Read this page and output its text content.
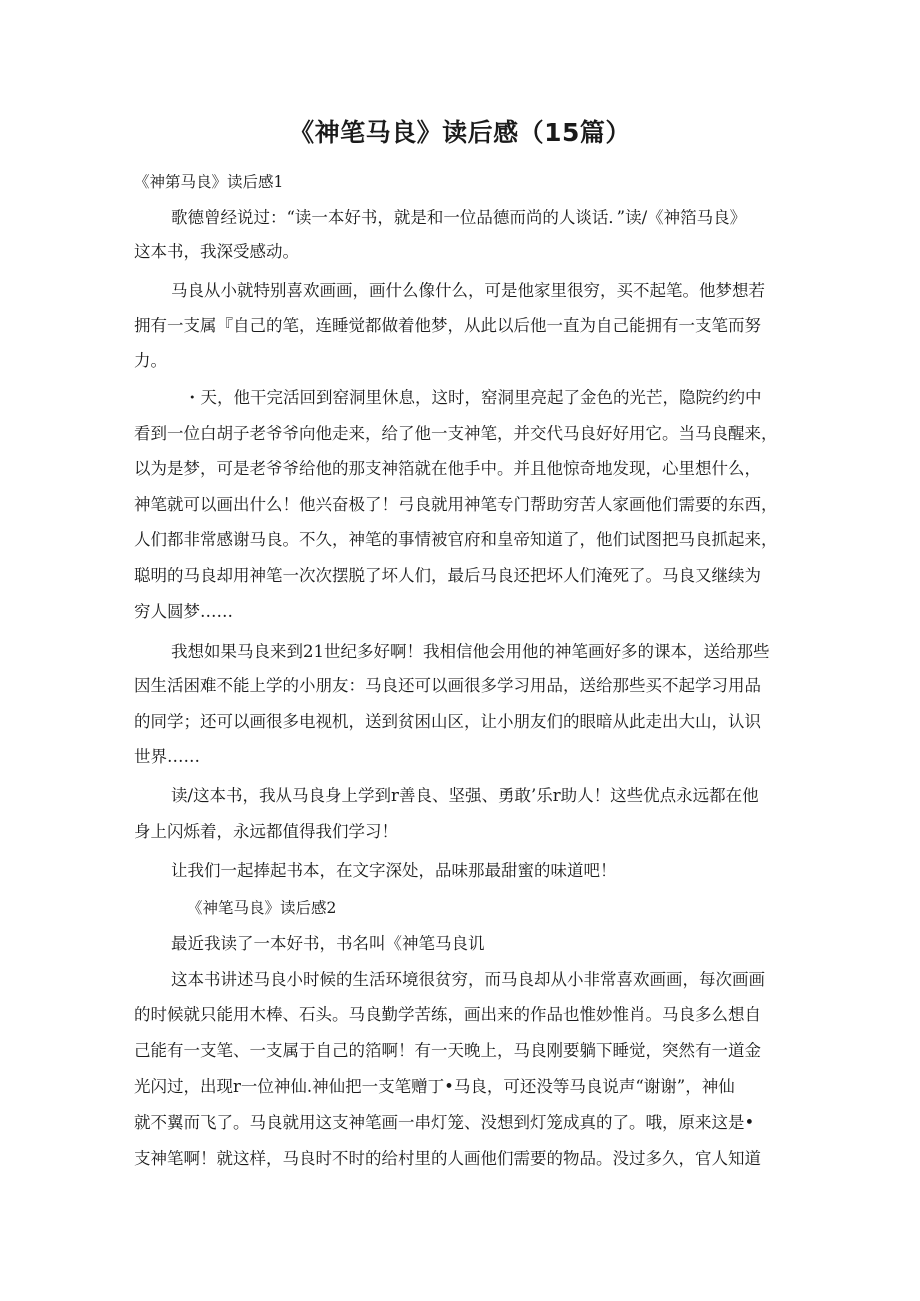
《神笔马良》读后感（15篇）
《神第马良》读后感1
歌德曾经说过：“读一本好书，就是和一位品德而尚的人谈话．”读/《神箔马良》
这本书，我深受感动。
马良从小就特别喜欢画画，画什么像什么，可是他家里很穷，买不起笔。他梦想若
拥有一支属『自己的笔，连睡觉都做着他梦，从此以后他一直为自己能拥有一支笔而努
力。
・天，他干完活回到窑洞里休息，这时，窑洞里亮起了金色的光芒，隐院约约中
看到一位白胡子老爷爷向他走来，给了他一支神笔，并交代马良好好用它。当马良醒来，
以为是梦，可是老爷爷给他的那支神箔就在他手中。并且他惊奇地发现，心里想什么，
神笔就可以画出什么！他兴奋极了！弓良就用神笔专门帮助穷苦人家画他们需要的东西，
人们都非常感谢马良。不久，神笔的事情被官府和皇帝知道了，他们试图把马良抓起来，
聪明的马良却用神笔一次次摆脱了坏人们，最后马良还把坏人们淹死了。马良又继续为
穷人圆梦……
我想如果马良来到21世纪多好啊！我相信他会用他的神笔画好多的课本，送给那些
因生活困难不能上学的小朋友：马良还可以画很多学习用品，送给那些买不起学习用品
的同学；还可以画很多电视机，送到贫困山区，让小朋友们的眼暗从此走出大山，认识
世界……
读/这本书，我从马良身上学到r善良、坚强、勇敢’乐r助人！这些优点永远都在他
身上闪烁着，永远都值得我们学习！
让我们一起捧起书本，在文字深处，品味那最甜蜜的味道吧！
《神笔马良》读后感2
最近我读了一本好书，书名叫《神笔马良讥
这本书讲述马良小时候的生活环境很贫穷，而马良却从小非常喜欢画画，每次画画
的时候就只能用木棒、石头。马良勤学苦练，画出来的作品也惟妙惟肖。马良多么想自
己能有一支笔、一支属于自己的箔啊！有一天晚上，马良刚要躺下睡觉，突然有一道金
光闪过，出现r一位神仙.神仙把一支笔赠丁•马良，可还没等马良说声“谢谢”，神仙
就不翼而飞了。马良就用这支神笔画一串灯笼、没想到灯笼成真的了。哦，原来这是•
支神笔啊！就这样，马良时不时的给村里的人画他们需要的物品。没过多久，官人知道
